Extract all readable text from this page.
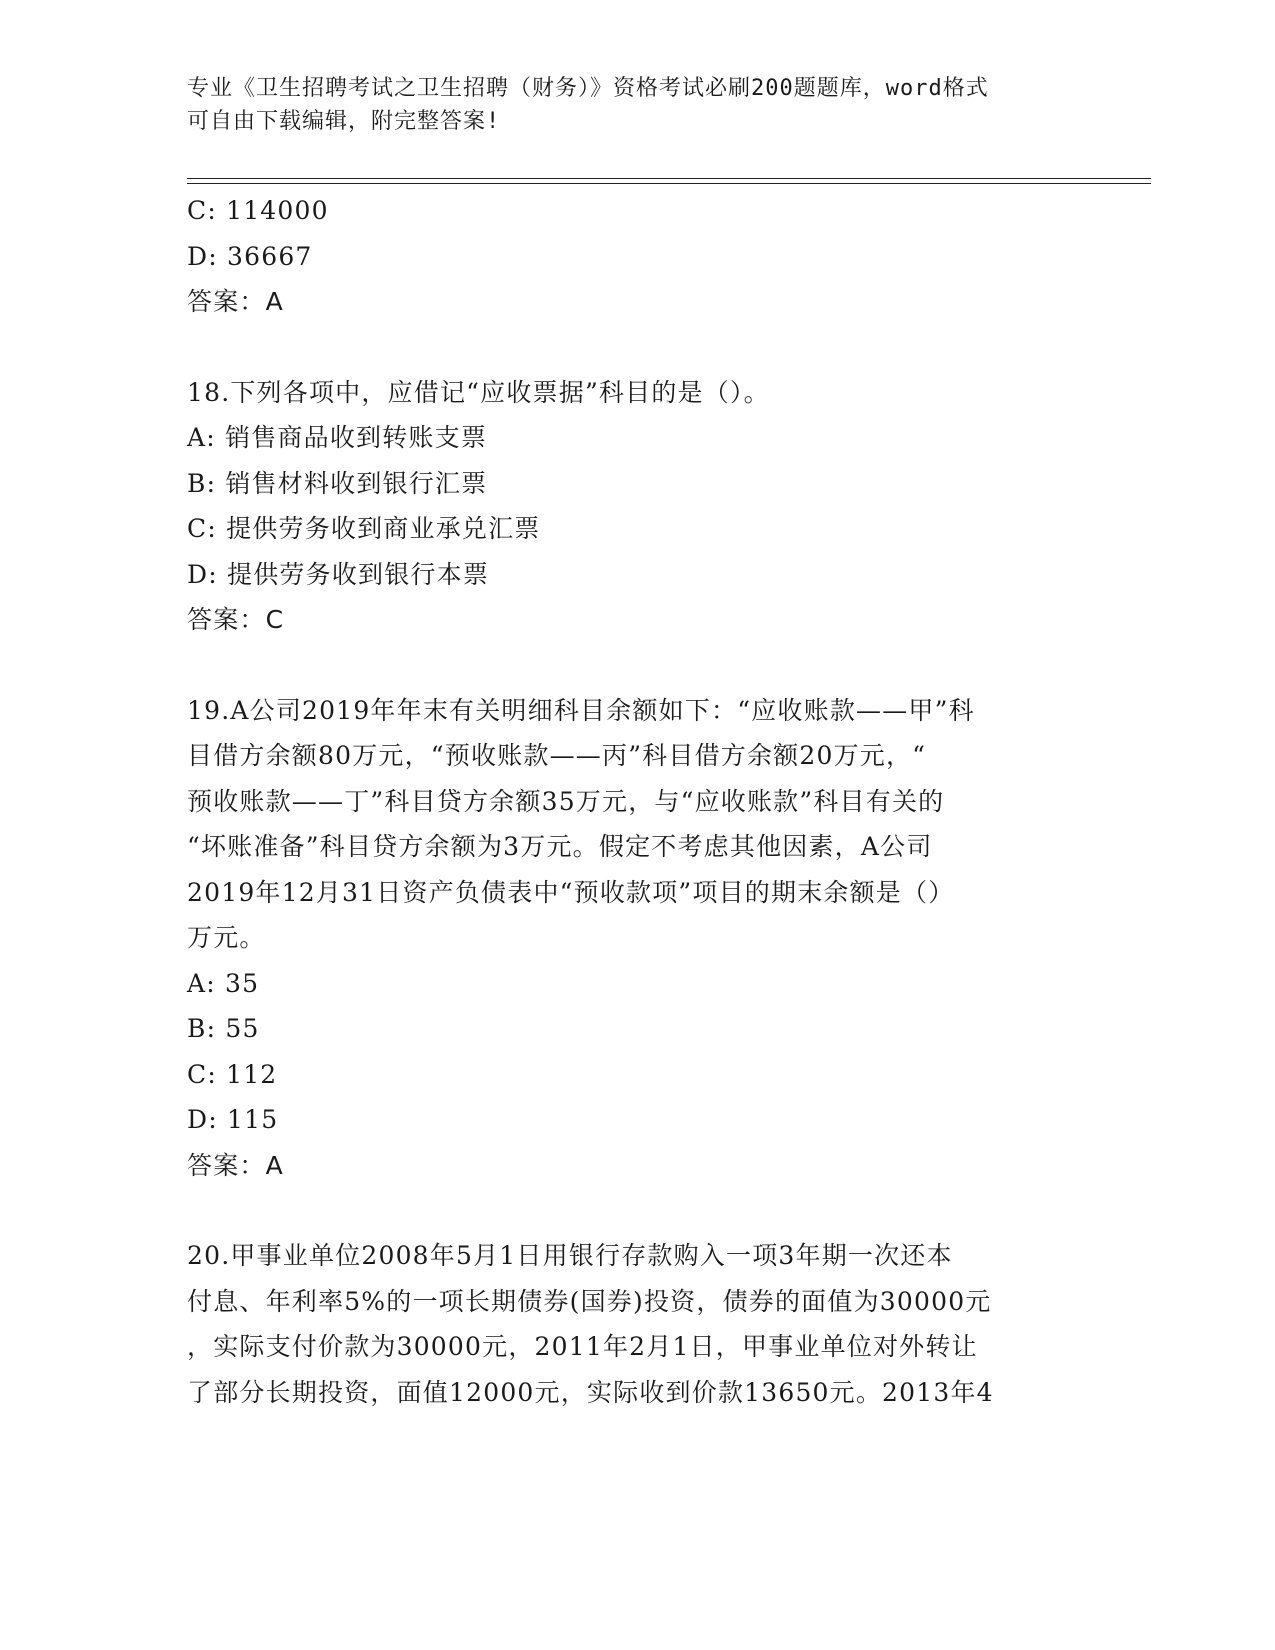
专业《卫生招聘考试之卫生招聘（财务）》资格考试必刷200题题库，word格式
可自由下载编辑，附完整答案!
C: 114000
D: 36667
答案：A
18.下列各项中，应借记“应收票据”科目的是（）。
A: 销售商品收到转账支票
B: 销售材料收到银行汇票
C: 提供劳务收到商业承兑汇票
D: 提供劳务收到银行本票
答案：C
19.A公司2019年年末有关明细科目余额如下：“应收账款——甲”科
目借方余额80万元，“预收账款——丙”科目借方余额20万元，“
预收账款——丁”科目贷方余额35万元，与“应收账款”科目有关的
“坏账准备”科目贷方余额为3万元。假定不考虑其他因素，A公司
2019年12月31日资产负债表中“预收款项”项目的期末余额是（）
万元。
A: 35
B: 55
C: 112
D: 115
答案：A
20.甲事业单位2008年5月1日用银行存款购入一项3年期一次还本
付息、年利率5%的一项长期债券(国券)投资，债券的面值为30000元
，实际支付价款为30000元，2011年2月1日，甲事业单位对外转让
了部分长期投资，面值12000元，实际收到价款13650元。2013年4
